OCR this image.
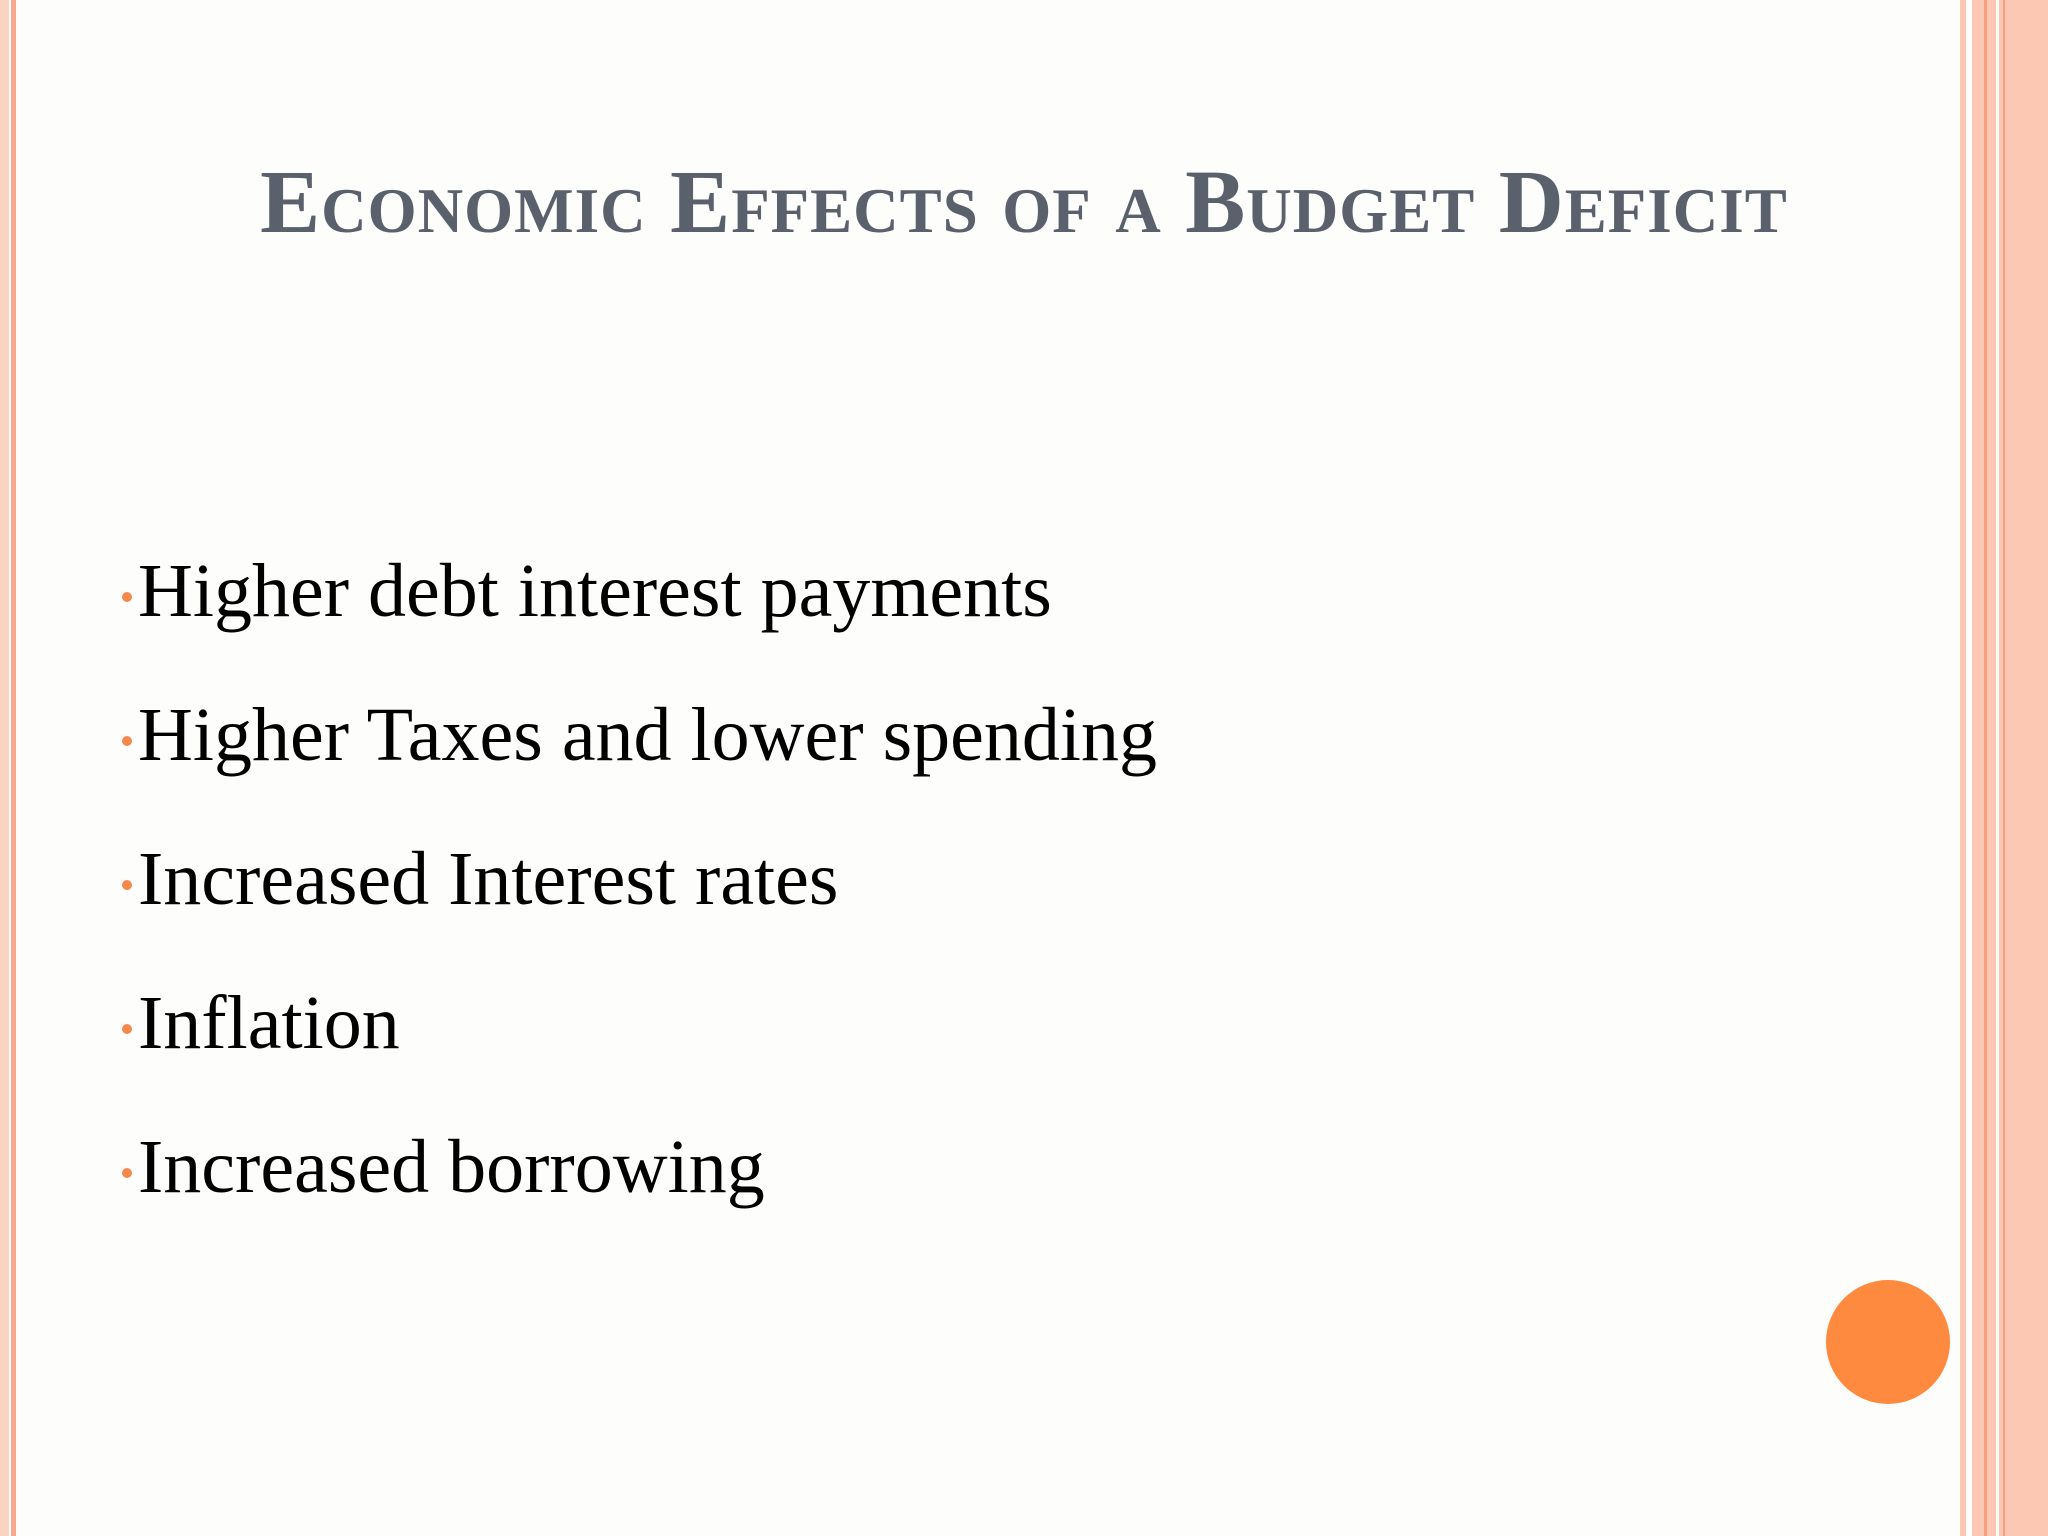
Economic Effects of a Budget Deficit
Higher debt interest payments
Higher Taxes and lower spending
Increased Interest rates
Inflation
Increased borrowing
